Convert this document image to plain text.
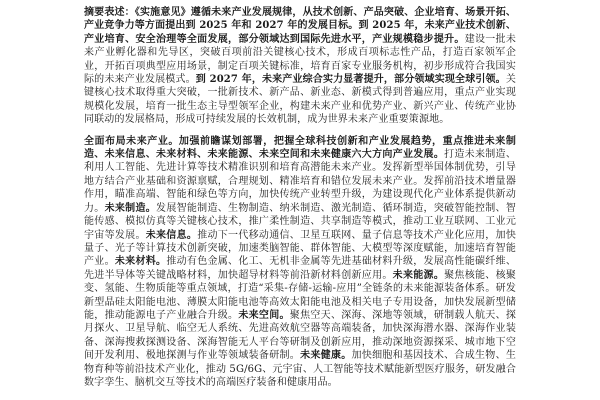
摘要表述：《实施意见》遵循未来产业发展规律，从技术创新、产品突破、企业培育、场景开拓、产业竞争力等方面提出到 2025 年和 2027 年的发展目标。到 2025 年，未来产业技术创新、产业培育、安全治理等全面发展，部分领域达到国际先进水平，产业规模稳步提升。建设一批未来产业孵化器和先导区，突破百项前沿关键核心技术，形成百项标志性产品，打造百家领军企业，开拓百项典型应用场景，制定百项关键标准，培育百家专业服务机构，初步形成符合我国实际的未来产业发展模式。到 2027 年，未来产业综合实力显著提升，部分领域实现全球引领。关键核心技术取得重大突破，一批新技术、新产品、新业态、新模式得到普遍应用，重点产业实现规模化发展，培育一批生态主导型领军企业，构建未来产业和优势产业、新兴产业、传统产业协同联动的发展格局，形成可持续发展的长效机制，成为世界未来产业重要策源地。

全面布局未来产业。加强前瞻谋划部署，把握全球科技创新和产业发展趋势，重点推进未来制造、未来信息、未来材料、未来能源、未来空间和未来健康六大方向产业发展。打造未来制造、利用人工智能、先进计算等技术精准识别和培育高潜能未来产业。发挥新型举国体制优势，引导地方结合产业基础和资源禀赋，合理规划、精准培育和错位发展未来产业。发挥前沿技术增量器作用，瞄准高端、智能和绿色等方向，加快传统产业转型升级，为建设现代化产业体系提供新动力。未来制造。发展智能制造、生物制造、纳米制造、激光制造、循环制造，突破智能控制、智能传感、模拟仿真等关键核心技术，推广柔性制造、共享制造等模式，推动工业互联网、工业元宇宙等发展。未来信息。推动下一代移动通信、卫星互联网、量子信息等技术产业化应用，加快量子、光子等计算技术创新突破，加速类脑智能、群体智能、大模型等深度赋能，加速培育智能产业。未来材料。推动有色金属、化工、无机非金属等先进基础材料升级，发展高性能碳纤维、先进半导体等关键战略材料，加快超导材料等前沿新材料创新应用。未来能源。聚焦核能、核聚变、氢能、生物质能等重点领域，打造“采集-存储-运输-应用”全链条的未来能源装备体系。研发新型晶硅太阳能电池、薄膜太阳能电池等高效太阳能电池及相关电子专用设备，加快发展新型储能，推动能源电子产业融合升级。未来空间。聚焦空天、深海、深地等领域，研制载人航天、探月探火、卫星导航、临空无人系统、先进高效航空器等高端装备，加快深海潜水器、深海作业装备、深海搜救探测设备、深海智能无人平台等研制及创新应用，推动深地资源探采、城市地下空间开发利用、极地探测与作业等领域装备研制。未来健康。加快细胞和基因技术、合成生物、生物育种等前沿技术产业化，推动 5G/6G、元宇宙、人工智能等技术赋能新型医疗服务，研发融合数字孪生、脑机交互等技术的高端医疗装备和健康用品。
